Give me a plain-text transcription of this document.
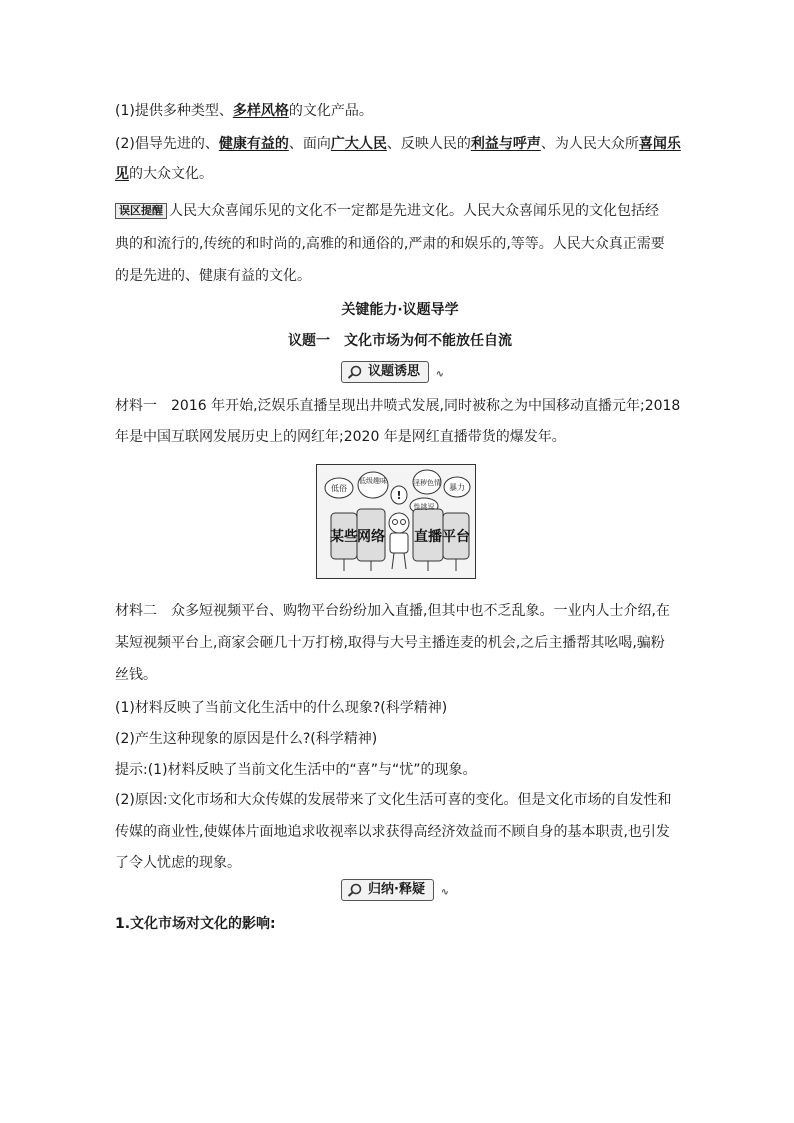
(1)提供多种类型、多样风格的文化产品。
(2)倡导先进的、健康有益的、面向广大人民、反映人民的利益与呼声、为人民大众所喜闻乐
见的大众文化。
误区提醒 人民大众喜闻乐见的文化不一定都是先进文化。人民大众喜闻乐见的文化包括经
典的和流行的,传统的和时尚的,高雅的和通俗的,严肃的和娱乐的,等等。人民大众真正需要
的是先进的、健康有益的文化。
关键能力·议题导学
议题一　文化市场为何不能放任自流
议题诱思 ∿
材料一　2016 年开始,泛娱乐直播呈现出井喷式发展,同时被称之为中国移动直播元年;2018
年是中国互联网发展历史上的网红年;2020 年是网红直播带货的爆发年。
低俗
低级趣味	淫秽色情 暴力
性挑逗
!
某些 网络 直播 平台
材料二　众多短视频平台、购物平台纷纷加入直播,但其中也不乏乱象。一业内人士介绍,在
某短视频平台上,商家会砸几十万打榜,取得与大号主播连麦的机会,之后主播帮其吆喝,骗粉
丝钱。
(1)材料反映了当前文化生活中的什么现象?(科学精神)
(2)产生这种现象的原因是什么?(科学精神)
提示:(1)材料反映了当前文化生活中的“喜”与“忧”的现象。
(2)原因:文化市场和大众传媒的发展带来了文化生活可喜的变化。但是文化市场的自发性和
传媒的商业性,使媒体片面地追求收视率以求获得高经济效益而不顾自身的基本职责,也引发
了令人忧虑的现象。
归纳·释疑 ∿
1.文化市场对文化的影响:
